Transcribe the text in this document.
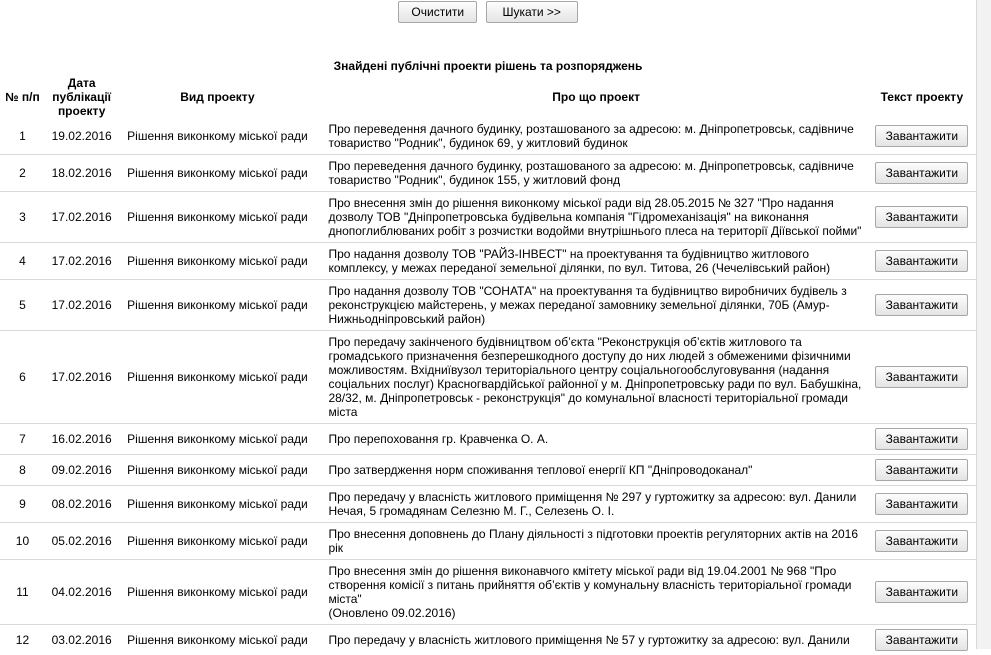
Очистити	Шукати >>
Знайдені публічні проекти рішень та розпоряджень
№ п/п	Дата публікації проекту	Вид проекту	Про що проект	Текст проекту
1	19.02.2016	Рішення виконкому міської ради	Про переведення дачного будинку, розташованого за адресою: м. Дніпропетровськ, садівниче товариство "Родник", будинок 69, у житловий будинок	Завантажити
2	18.02.2016	Рішення виконкому міської ради	Про переведення дачного будинку, розташованого за адресою: м. Дніпропетровськ, садівниче товариство "Родник", будинок 155, у житловий фонд	Завантажити
3	17.02.2016	Рішення виконкому міської ради	Про внесення змін до рішення виконкому міської ради від 28.05.2015 № 327 "Про надання дозволу ТОВ "Дніпропетровська будівельна компанія "Гідромеханізація" на виконання днопоглиблюваних робіт з розчистки водойми внутрішнього плеса на території Діївської пойми"	Завантажити
4	17.02.2016	Рішення виконкому міської ради	Про надання дозволу ТОВ "РАЙЗ-ІНВЕСТ" на проектування та будівництво житлового комплексу, у межах переданої земельної ділянки, по вул. Титова, 26 (Чечелівський район)	Завантажити
5	17.02.2016	Рішення виконкому міської ради	Про надання дозволу ТОВ "СОНАТА" на проектування та будівництво виробничих будівель з реконструкцією майстерень, у межах переданої замовнику земельної ділянки, 70Б (Амур-Нижньодніпровський район)	Завантажити
6	17.02.2016	Рішення виконкому міської ради	Про передачу закінченого будівництвом об’єкта "Реконструкція об’єктів житлового та громадського призначення безперешкодного доступу до них людей з обмеженими фізичними можливостям. Вхідниївузол територіального центру соціальногообслуговування (надання соціальних послуг) Красногвардійської районної у м. Дніпропетровську ради по вул. Бабушкіна, 28/32, м. Дніпропетровськ - реконструкція" до комунальної власності територіальної громади міста	Завантажити
7	16.02.2016	Рішення виконкому міської ради	Про перепоховання гр. Кравченка О. А.	Завантажити
8	09.02.2016	Рішення виконкому міської ради	Про затвердження норм споживання теплової енергії КП "Дніпроводоканал"	Завантажити
9	08.02.2016	Рішення виконкому міської ради	Про передачу у власність житлового приміщення № 297 у гуртожитку за адресою: вул. Данили Нечая, 5 громадянам Селезню М. Г., Селезень О. І.	Завантажити
10	05.02.2016	Рішення виконкому міської ради	Про внесення доповнень до Плану діяльності з підготовки проектів регуляторних актів на 2016 рік	Завантажити
11	04.02.2016	Рішення виконкому міської ради	Про внесення змін до рішення виконавчого кмітету міської ради від 19.04.2001 № 968 "Про створення комісії з питань прийняття об’єктів у комунальну власність територіальної громади міста"
(Оновлено 09.02.2016)	Завантажити
12	03.02.2016	Рішення виконкому міської ради	Про передачу у власність житлового приміщення № 57 у гуртожитку за адресою: вул. Данили	Завантажити
